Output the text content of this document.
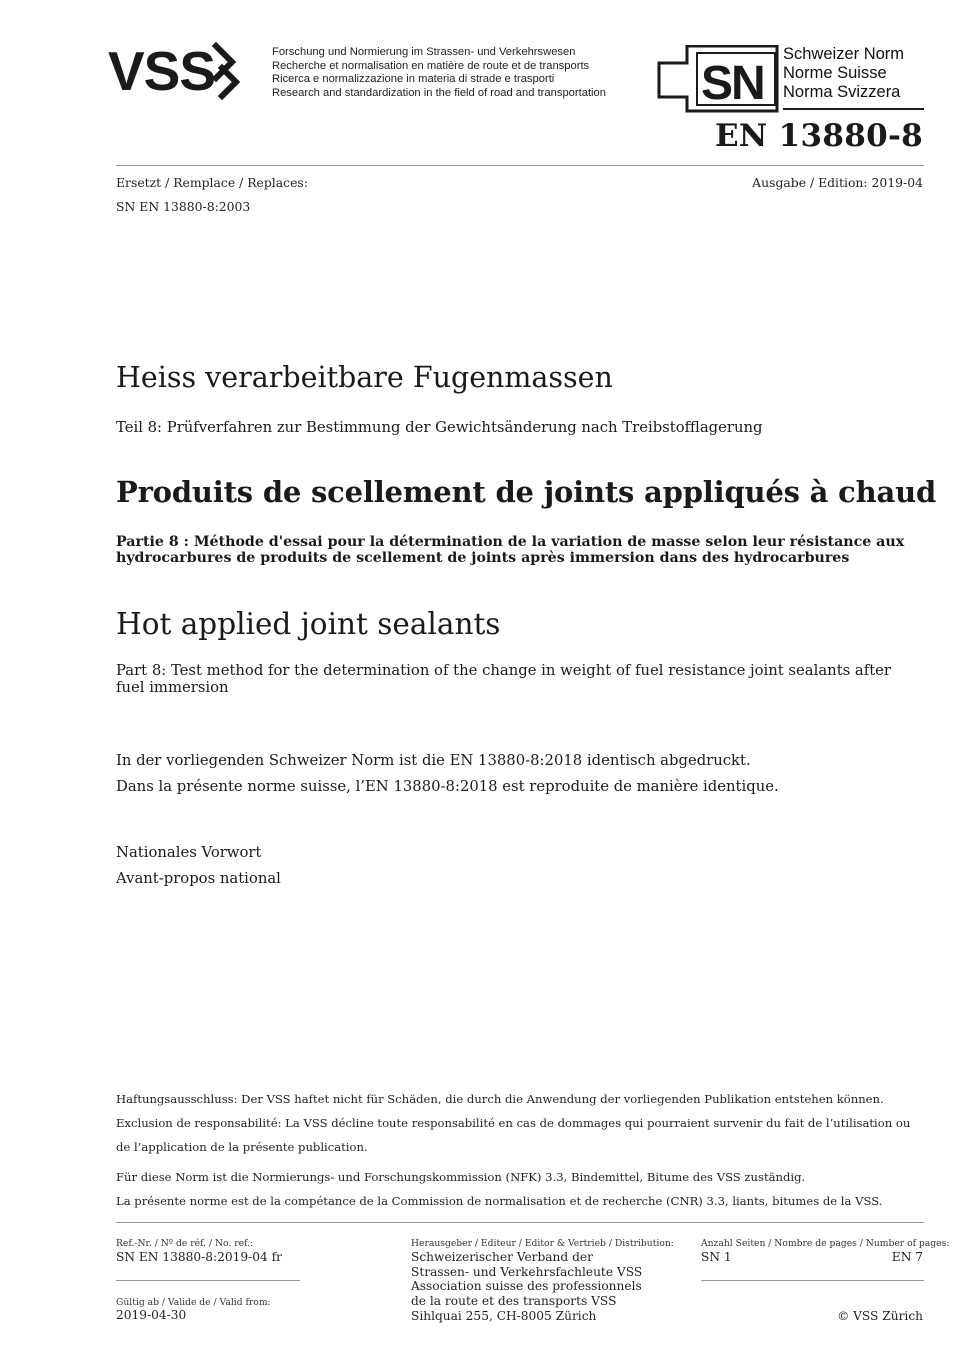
VSS	Forschung und Normierung im Strassen- und Verkehrswesen
Recherche et normalisation en matière de route et de transports
Ricerca e normalizzazione in materia di strade e trasporti
Research and standardization in the field of road and transportation SN
Schweizer Norm
Norme Suisse
Norma Svizzera
EN 13880-8
Ersetzt / Remplace / Replaces:
SN EN 13880-8:2003
Ausgabe / Edition: 2019-04
Heiss verarbeitbare Fugenmassen
Teil 8: Prüfverfahren zur Bestimmung der Gewichtsänderung nach Treibstofflagerung
Produits de scellement de joints appliqués à chaud
Partie 8 : Méthode d'essai pour la détermination de la variation de masse selon leur résistance aux hydrocarbures de produits de scellement de joints après immersion dans des hydrocarbures
Hot applied joint sealants
Part 8: Test method for the determination of the change in weight of fuel resistance joint sealants after fuel immersion
In der vorliegenden Schweizer Norm ist die EN 13880-8:2018 identisch abgedruckt.
Dans la présente norme suisse, l’EN 13880-8:2018 est reproduite de manière identique.
Nationales Vorwort
Avant-propos national
Haftungsausschluss: Der VSS haftet nicht für Schäden, die durch die Anwendung der vorliegenden Publikation entstehen können.
Exclusion de responsabilité: La VSS décline toute responsabilité en cas de dommages qui pourraient survenir du fait de l’utilisation ou
de l’application de la présente publication.
Für diese Norm ist die Normierungs- und Forschungskommission (NFK) 3.3, Bindemittel, Bitume des VSS zuständig.
La présente norme est de la compétance de la Commission de normalisation et de recherche (CNR) 3.3, liants, bitumes de la VSS.
Ref.-Nr. / Nº de réf. / No. ref.:
SN EN 13880-8:2019-04 fr
Gültig ab / Valide de / Valid from:
2019-04-30
Herausgeber / Editeur / Editor & Vertrieb / Distribution:
Schweizerischer Verband der
Strassen- und Verkehrsfachleute VSS
Association suisse des professionnels
de la route et des transports VSS
Sihlquai 255, CH-8005 Zürich
Anzahl Seiten / Nombre de pages / Number of pages:
SN 1	EN 7
© VSS Zürich
